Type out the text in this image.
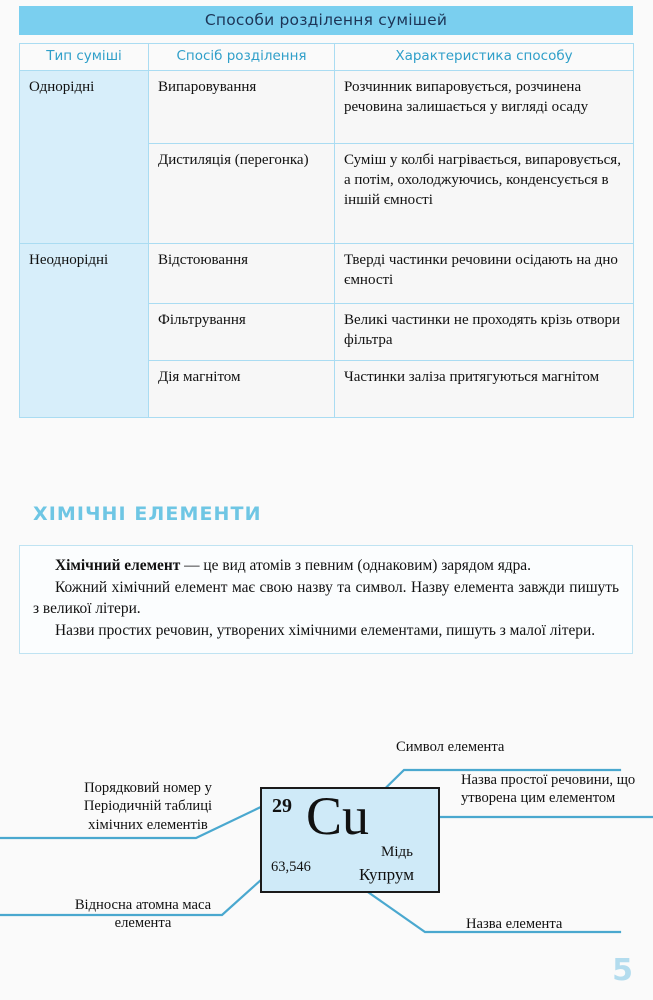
Способи розділення сумішей
Тип суміші	Спосіб розділення	Характеристика способу
Однорідні	Випаровування	Розчинник випаровується, розчинена речовина залишається у вигляді осаду
	Дистиляція (перегонка)	Суміш у колбі нагрівається, випаровується, а потім, охолоджуючись, конденсується в іншій ємності
Неоднорідні	Відстоювання	Тверді частинки речовини осідають на дно ємності
	Фільтрування	Великі частинки не проходять крізь отвори фільтра
	Дія магнітом	Частинки заліза притягуються магнітом
ХІМІЧНІ ЕЛЕМЕНТИ

Хімічний елемент — це вид атомів з певним (однаковим) зарядом ядра.

Кожний хімічний елемент має свою назву та символ. Назву елемента завжди пишуть з великої літери.

Назви простих речовин, утворених хімічними елементами, пишуть з малої літери.

29
63,546
Cu
Мідь
Купрум
Символ елемента
Назва простої речовини, що утворена цим елементом
Порядковий номер у Періодичній таблиці хімічних елементів
Відносна атомна маса елемента	Назва елемента
5
